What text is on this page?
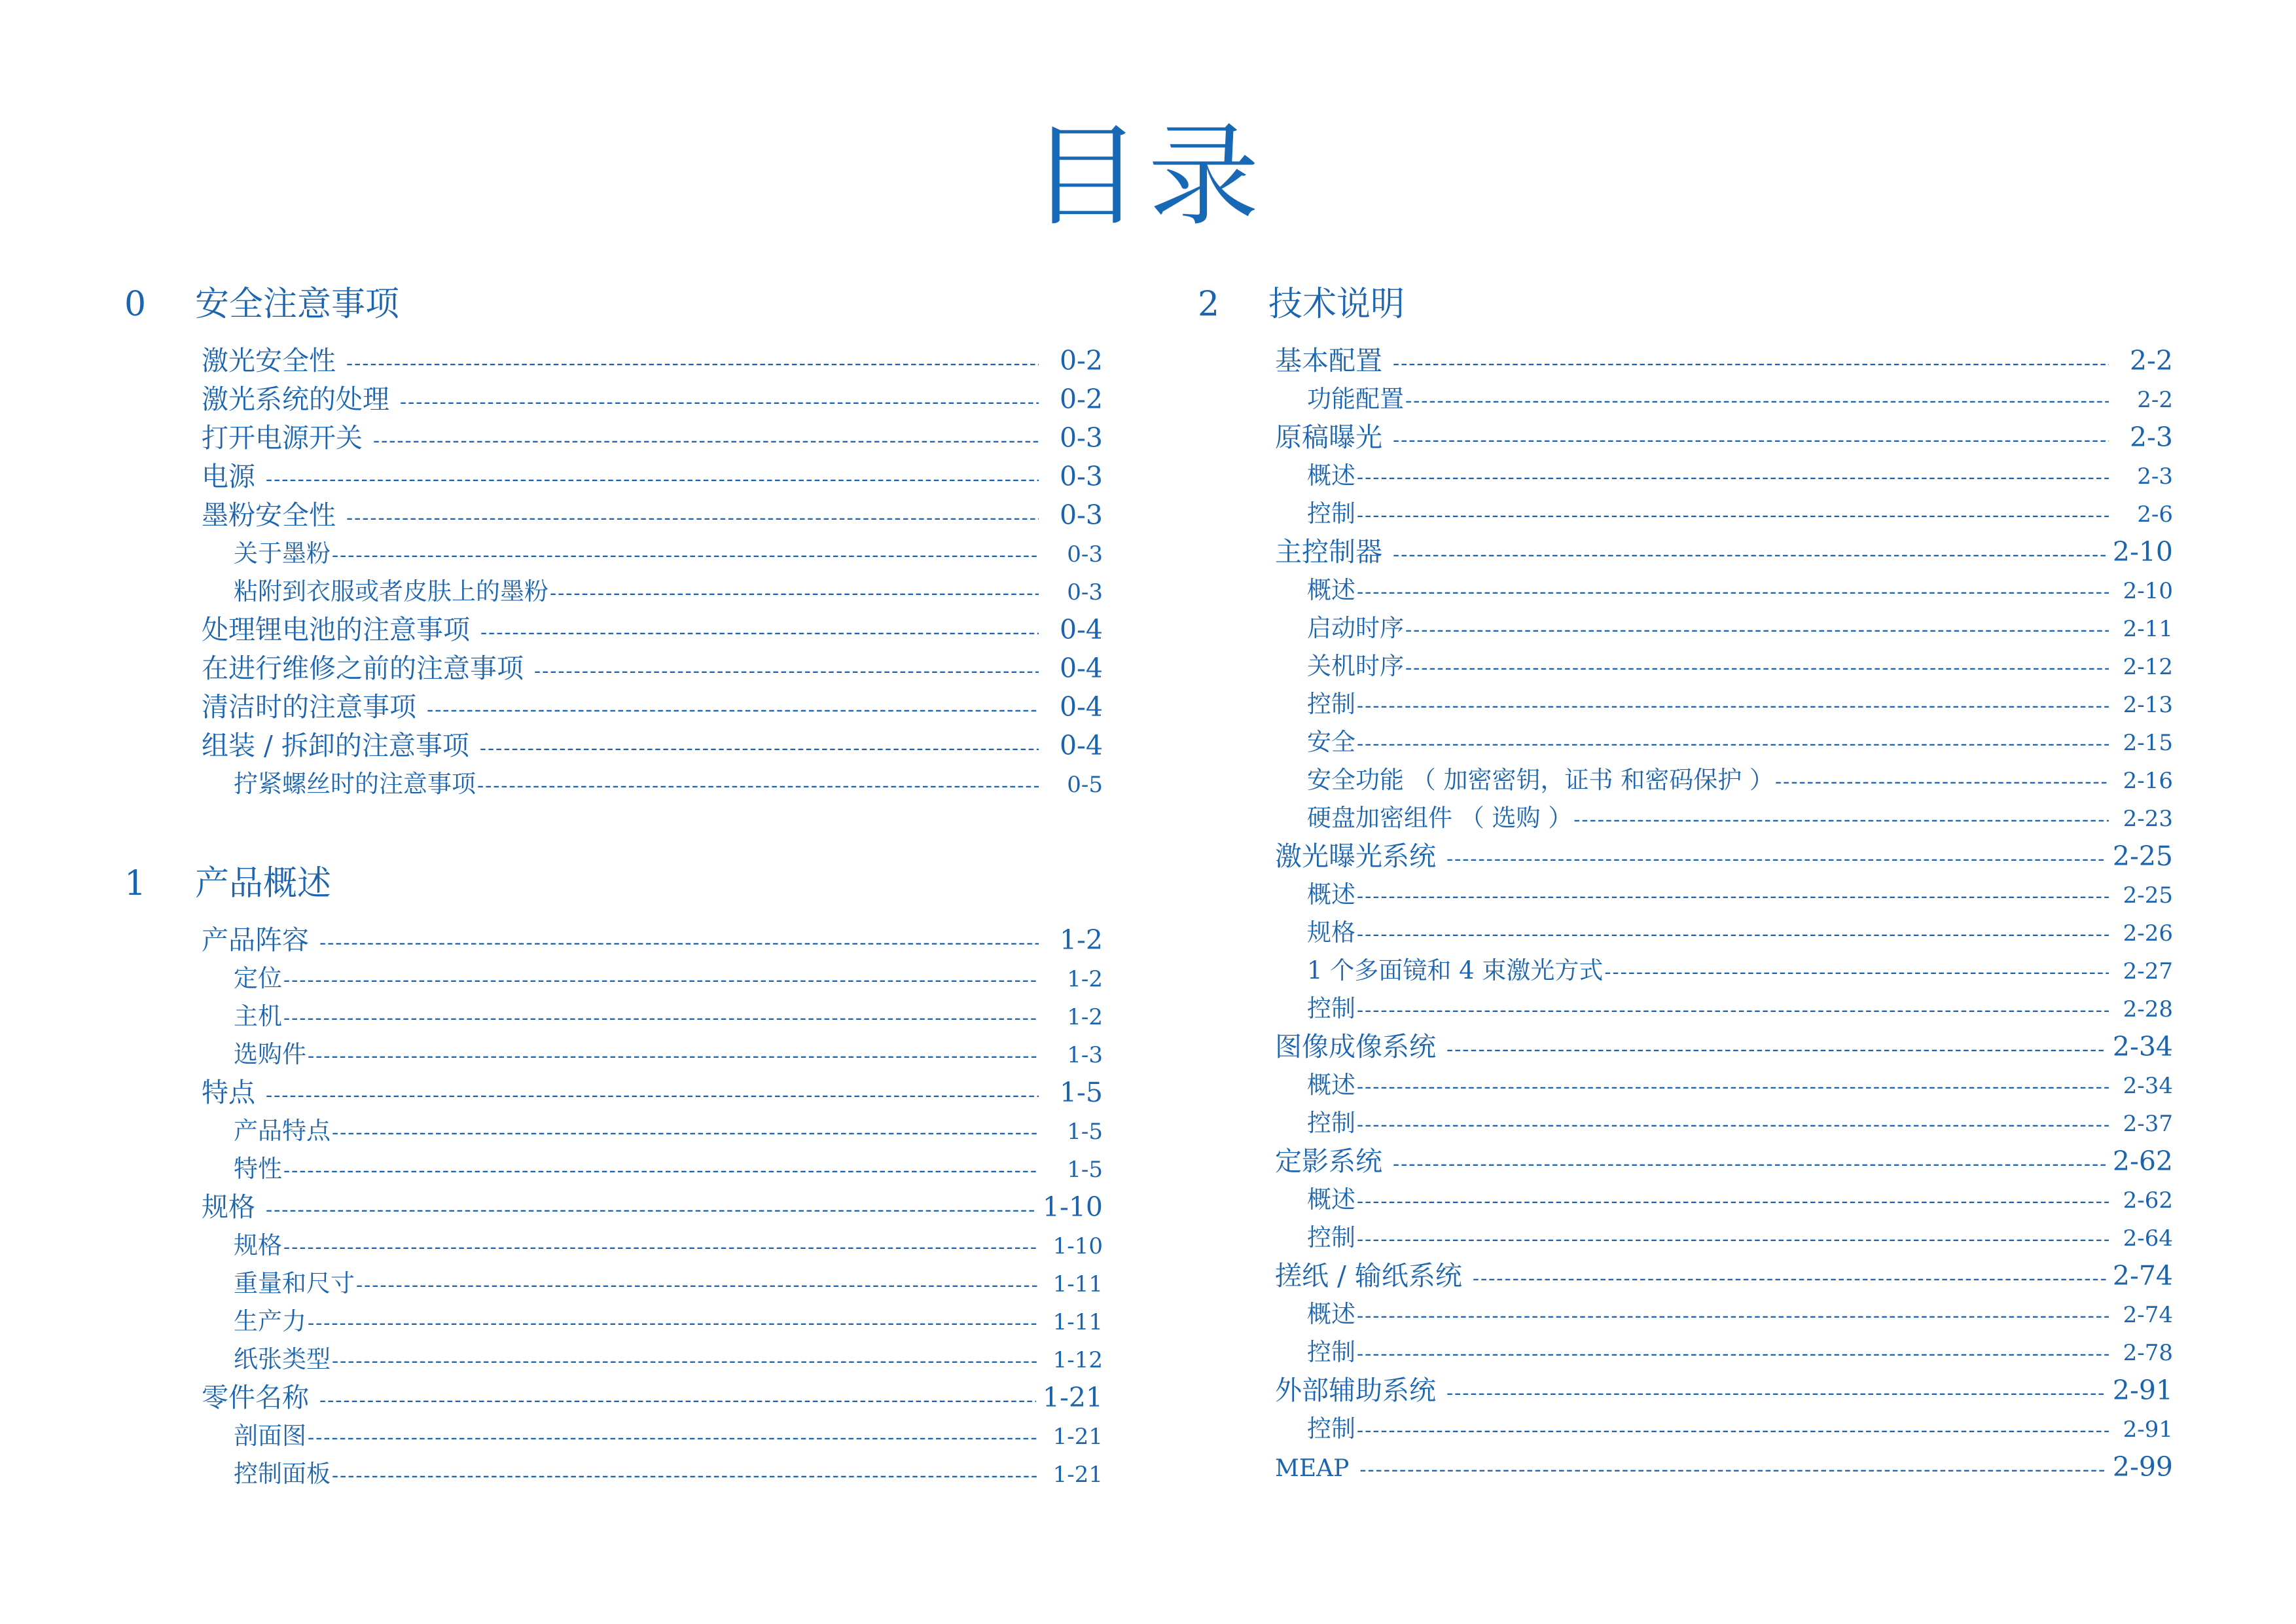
目录
0	安全注意事项
激光安全性 -----	0-2
激光系统的处理 -----	0-2
打开电源开关 -----	0-3
电源 -----	0-3
墨粉安全性 -----	0-3
关于墨粉 -----	0-3
粘附到衣服或者皮肤上的墨粉 -----	0-3
处理锂电池的注意事项 -----	0-4
在进行维修之前的注意事项 -----	0-4
清洁时的注意事项 -----	0-4
组装 / 拆卸的注意事项 -----	0-4
拧紧螺丝时的注意事项 -----	0-5
1	产品概述
产品阵容 -----	1-2
定位 -----	1-2
主机 -----	1-2
选购件 -----	1-3
特点 -----	1-5
产品特点 -----	1-5
特性 -----	1-5
规格 -----	1-10
规格 -----	1-10
重量和尺寸 -----	1-11
生产力 -----	1-11
纸张类型 -----	1-12
零件名称 -----	1-21
剖面图 -----	1-21
控制面板 -----	1-21
2	技术说明
基本配置 -----	2-2
功能配置 -----	2-2
原稿曝光 -----	2-3
概述 -----	2-3
控制 -----	2-6
主控制器 -----	2-10
概述 -----	2-10
启动时序 -----	2-11
关机时序 -----	2-12
控制 -----	2-13
安全 -----	2-15
安全功能 （ 加密密钥，证书 和密码保护 ） -----	2-16
硬盘加密组件 （ 选购 ） -----	2-23
激光曝光系统 -----	2-25
概述 -----	2-25
规格 -----	2-26
1 个多面镜和 4 束激光方式 -----	2-27
控制 -----	2-28
图像成像系统 -----	2-34
概述 -----	2-34
控制 -----	2-37
定影系统 -----	2-62
概述 -----	2-62
控制 -----	2-64
搓纸 / 输纸系统 -----	2-74
概述 -----	2-74
控制 -----	2-78
外部辅助系统 -----	2-91
控制 -----	2-91
MEAP -----	2-99
